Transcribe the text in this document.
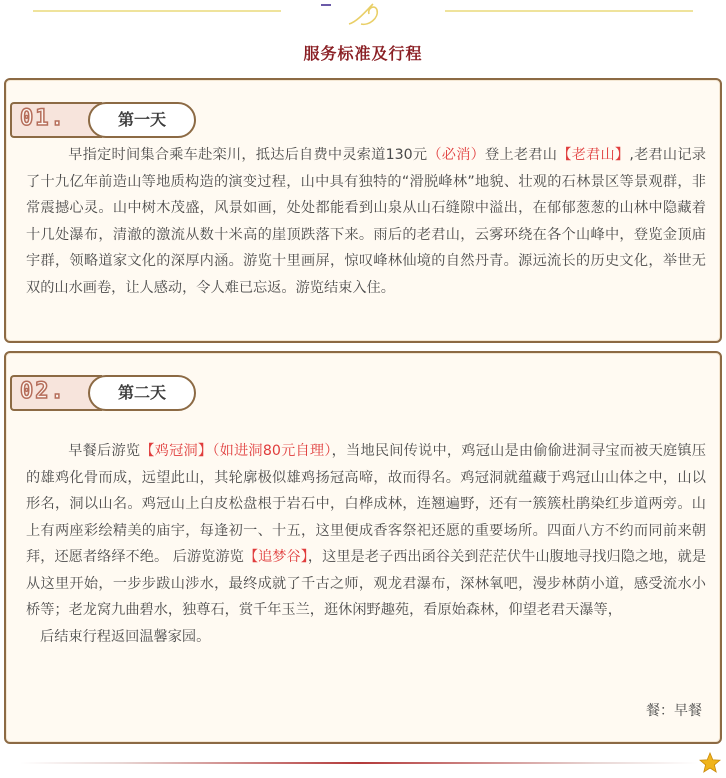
服务标准及行程
01.	第一天
早指定时间集合乘车赴栾川，抵达后自费中灵索道130元（必消）登上老君山【老君山】,老君山记录了十九亿年前造山等地质构造的演变过程，山中具有独特的“滑脱峰林”地貌、壮观的石林景区等景观群，非常震撼心灵。山中树木茂盛，风景如画，处处都能看到山泉从山石缝隙中溢出，在郁郁葱葱的山林中隐藏着十几处瀑布，清澈的激流从数十米高的崖顶跌落下来。雨后的老君山，云雾环绕在各个山峰中，登览金顶庙宇群，领略道家文化的深厚内涵。游览十里画屏，惊叹峰林仙境的自然丹青。源远流长的历史文化，举世无双的山水画卷，让人感动，令人难已忘返。游览结束入住。
02.	第二天
早餐后游览【鸡冠洞】（如进洞80元自理），当地民间传说中，鸡冠山是由偷偷进洞寻宝而被天庭镇压的雄鸡化骨而成，远望此山，其轮廓极似雄鸡扬冠高啼，故而得名。鸡冠洞就蕴藏于鸡冠山山体之中，山以形名，洞以山名。鸡冠山上白皮松盘根于岩石中，白桦成林，连翘遍野，还有一簇簇杜鹃染红步道两旁。山上有两座彩绘精美的庙宇，每逢初一、十五，这里便成香客祭祀还愿的重要场所。四面八方不约而同前来朝拜，还愿者络绎不绝。 后游览游览【追梦谷】，这里是老子西出函谷关到茫茫伏牛山腹地寻找归隐之地，就是从这里开始，一步步跋山涉水，最终成就了千古之师，观龙君瀑布，深林氧吧，漫步林荫小道，感受流水小桥等；老龙窝九曲碧水，独尊石，赏千年玉兰，逛休闲野趣苑，看原始森林，仰望老君天瀑等，
后结束行程返回温馨家园。
餐：早餐
